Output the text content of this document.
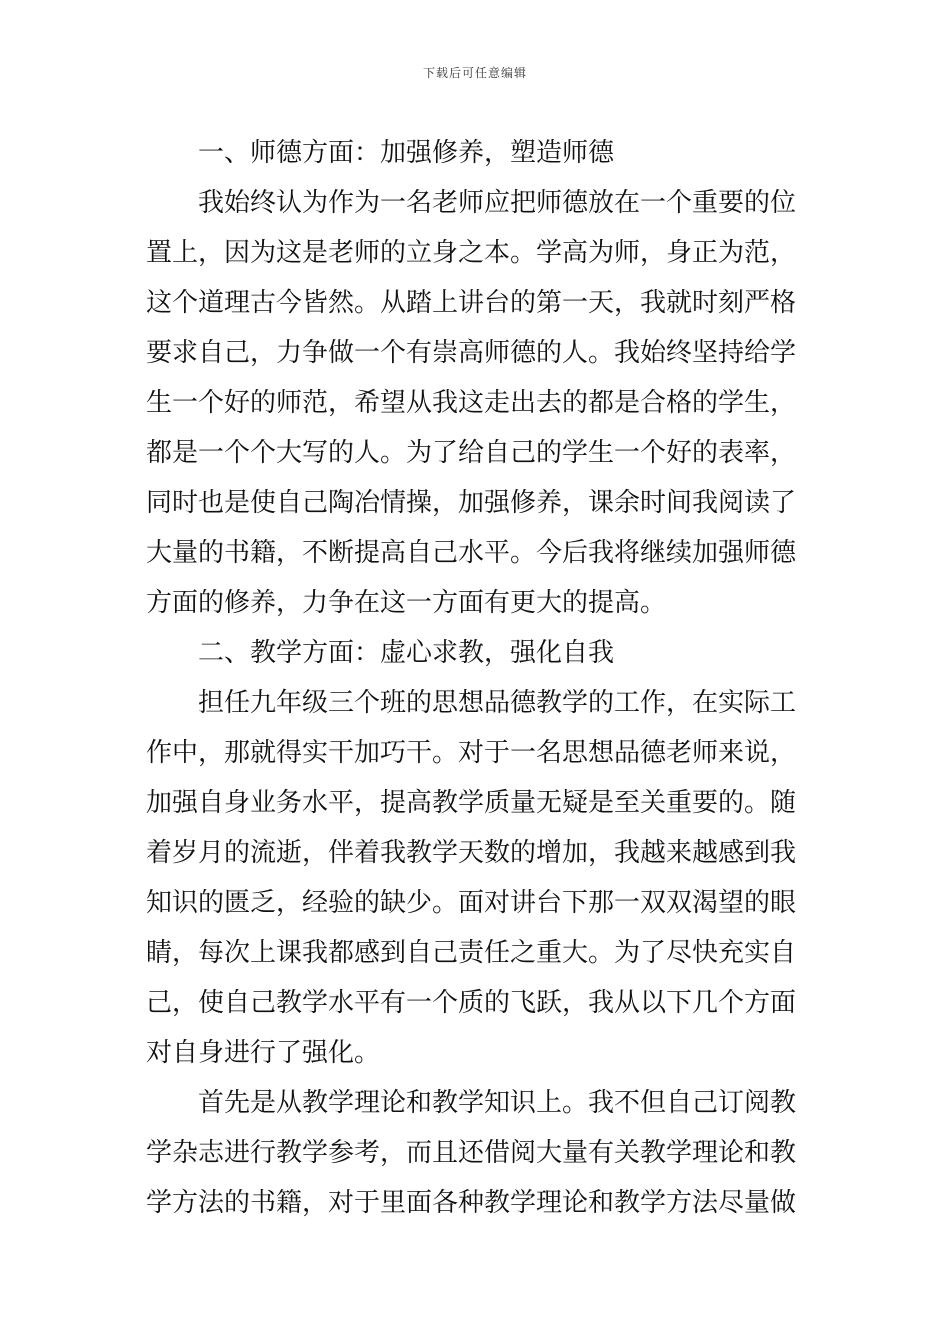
下载后可任意编辑
一、师德方面：加强修养，塑造师德
我始终认为作为一名老师应把师德放在一个重要的位
置上，因为这是老师的立身之本。学高为师，身正为范，
这个道理古今皆然。从踏上讲台的第一天，我就时刻严格
要求自己，力争做一个有崇高师德的人。我始终坚持给学
生一个好的师范，希望从我这走出去的都是合格的学生，
都是一个个大写的人。为了给自己的学生一个好的表率，
同时也是使自己陶冶情操，加强修养，课余时间我阅读了
大量的书籍，不断提高自己水平。今后我将继续加强师德
方面的修养，力争在这一方面有更大的提高。
二、教学方面：虚心求教，强化自我
担任九年级三个班的思想品德教学的工作，在实际工
作中，那就得实干加巧干。对于一名思想品德老师来说，
加强自身业务水平，提高教学质量无疑是至关重要的。随
着岁月的流逝，伴着我教学天数的增加，我越来越感到我
知识的匮乏，经验的缺少。面对讲台下那一双双渴望的眼
睛，每次上课我都感到自己责任之重大。为了尽快充实自
己，使自己教学水平有一个质的飞跃，我从以下几个方面
对自身进行了强化。
首先是从教学理论和教学知识上。我不但自己订阅教
学杂志进行教学参考，而且还借阅大量有关教学理论和教
学方法的书籍，对于里面各种教学理论和教学方法尽量做
